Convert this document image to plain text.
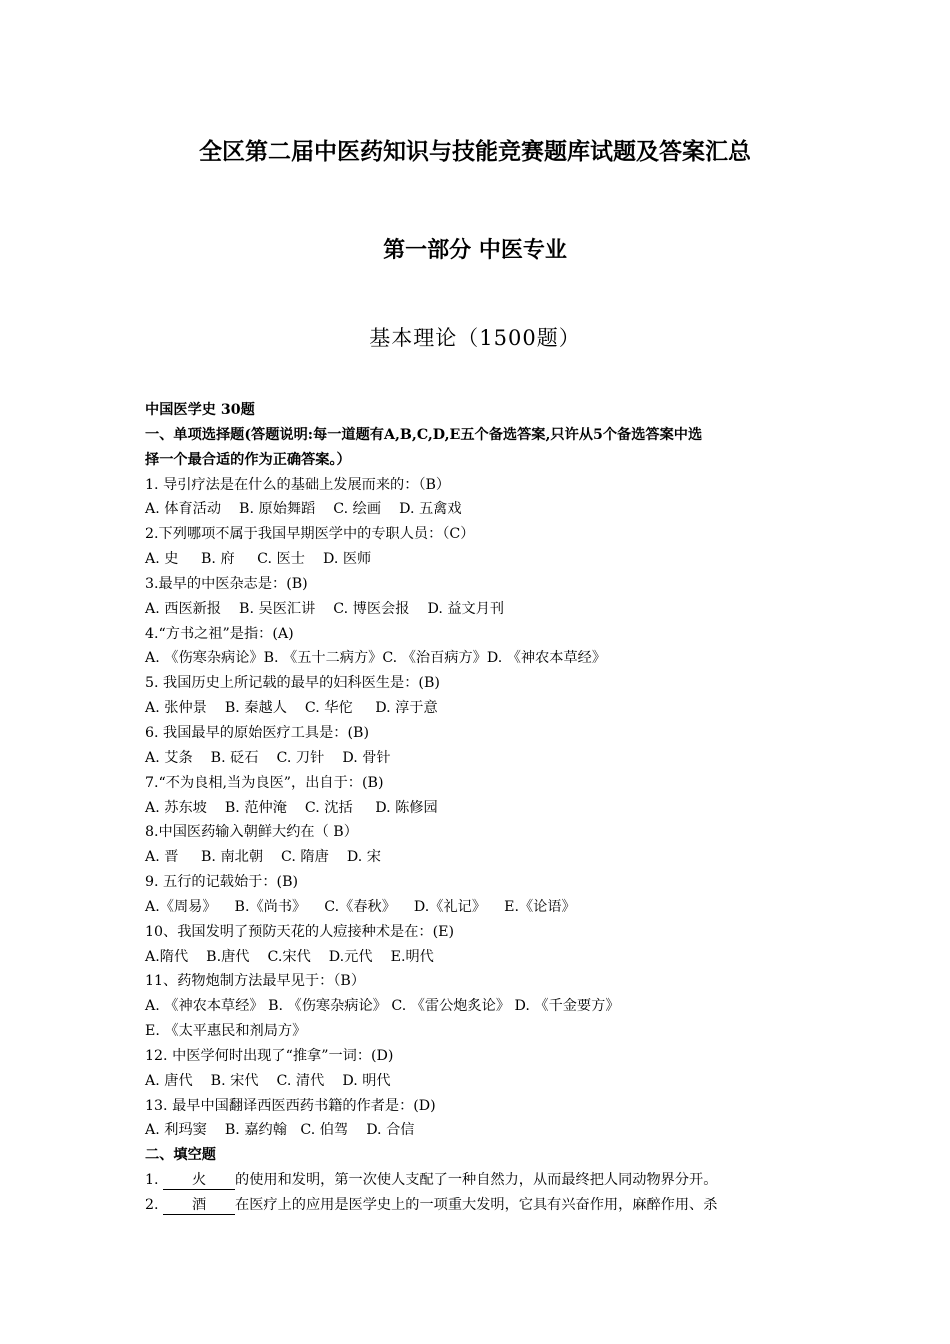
全区第二届中医药知识与技能竞赛题库试题及答案汇总
第一部分 中医专业
基本理论（1500题）
中国医学史 30题
一、单项选择题(答题说明:每一道题有A,B,C,D,E五个备选答案,只许从5个备选答案中选
择一个最合适的作为正确答案。）
1. 导引疗法是在什么的基础上发展而来的：（B）
A. 体育活动    B. 原始舞蹈    C. 绘画    D. 五禽戏
2.下列哪项不属于我国早期医学中的专职人员：（C）
A. 史     B. 府     C. 医士    D. 医师
3.最早的中医杂志是：(B)
A. 西医新报    B. 吴医汇讲    C. 博医会报    D. 益文月刊
4.“方书之祖”是指：(A)
A. 《伤寒杂病论》B. 《五十二病方》C. 《治百病方》D. 《神农本草经》
5. 我国历史上所记载的最早的妇科医生是：(B)
A. 张仲景    B. 秦越人    C. 华佗     D. 淳于意
6. 我国最早的原始医疗工具是：(B)
A. 艾条    B. 砭石    C. 刀针    D. 骨针
7.“不为良相,当为良医”，出自于：(B)
A. 苏东坡    B. 范仲淹    C. 沈括     D. 陈修园
8.中国医药输入朝鲜大约在（ B）
A. 晋     B. 南北朝    C. 隋唐    D. 宋
9. 五行的记载始于：(B)
A.《周易》    B.《尚书》    C.《春秋》    D.《礼记》    E.《论语》
10、我国发明了预防天花的人痘接种术是在：(E)
A.隋代    B.唐代    C.宋代    D.元代    E.明代
11、药物炮制方法最早见于：（B）
A. 《神农本草经》 B. 《伤寒杂病论》 C. 《雷公炮炙论》 D. 《千金要方》
E. 《太平惠民和剂局方》
12. 中医学何时出现了“推拿”一词：(D)
A. 唐代    B. 宋代    C. 清代    D. 明代
13. 最早中国翻译西医西药书籍的作者是：(D)
A. 利玛窦    B. 嘉约翰   C. 伯驾    D. 合信
二、填空题
1. 火 的使用和发明，第一次使人支配了一种自然力，从而最终把人同动物界分开。
2. 酒 在医疗上的应用是医学史上的一项重大发明，它具有兴奋作用，麻醉作用、杀
